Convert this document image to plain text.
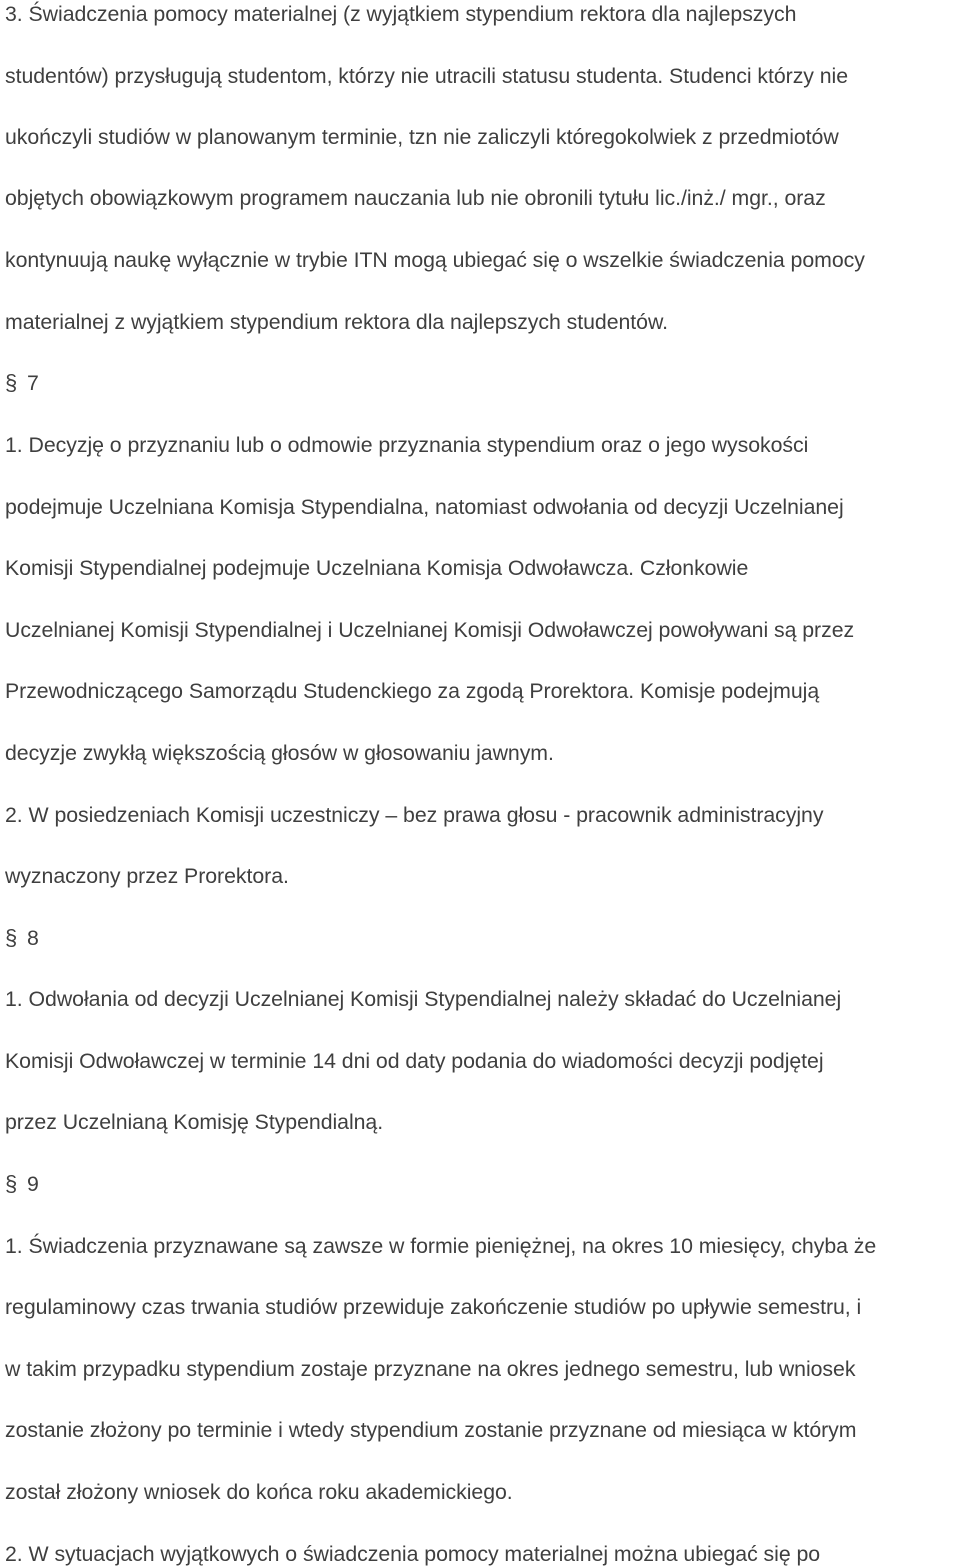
3. Świadczenia pomocy materialnej (z wyjątkiem stypendium rektora dla najlepszych
studentów) przysługują studentom, którzy nie utracili statusu studenta. Studenci którzy nie
ukończyli studiów w planowanym terminie, tzn nie zaliczyli któregokolwiek z przedmiotów
objętych obowiązkowym programem nauczania lub nie obronili tytułu lic./inż./ mgr., oraz
kontynuują naukę wyłącznie w trybie ITN mogą ubiegać się o wszelkie świadczenia pomocy
materialnej z wyjątkiem stypendium rektora dla najlepszych studentów.
§ 7
1. Decyzję o przyznaniu lub o odmowie przyznania stypendium oraz o jego wysokości
podejmuje Uczelniana Komisja Stypendialna, natomiast odwołania od decyzji Uczelnianej
Komisji Stypendialnej podejmuje Uczelniana Komisja Odwoławcza. Członkowie
Uczelnianej Komisji Stypendialnej i Uczelnianej Komisji Odwoławczej powoływani są przez
Przewodniczącego Samorządu Studenckiego za zgodą Prorektora. Komisje podejmują
decyzje zwykłą większością głosów w głosowaniu jawnym.
2. W posiedzeniach Komisji uczestniczy – bez prawa głosu - pracownik administracyjny
wyznaczony przez Prorektora.
§ 8
1. Odwołania od decyzji Uczelnianej Komisji Stypendialnej należy składać do Uczelnianej
Komisji Odwoławczej w terminie 14 dni od daty podania do wiadomości decyzji podjętej
przez Uczelnianą Komisję Stypendialną.
§ 9
1. Świadczenia przyznawane są zawsze w formie pieniężnej, na okres 10 miesięcy, chyba że
regulaminowy czas trwania studiów przewiduje zakończenie studiów po upływie semestru, i
w takim przypadku stypendium zostaje przyznane na okres jednego semestru, lub wniosek
zostanie złożony po terminie i wtedy stypendium zostanie przyznane od miesiąca w którym
został złożony wniosek do końca roku akademickiego.
2. W sytuacjach wyjątkowych o świadczenia pomocy materialnej można ubiegać się po
